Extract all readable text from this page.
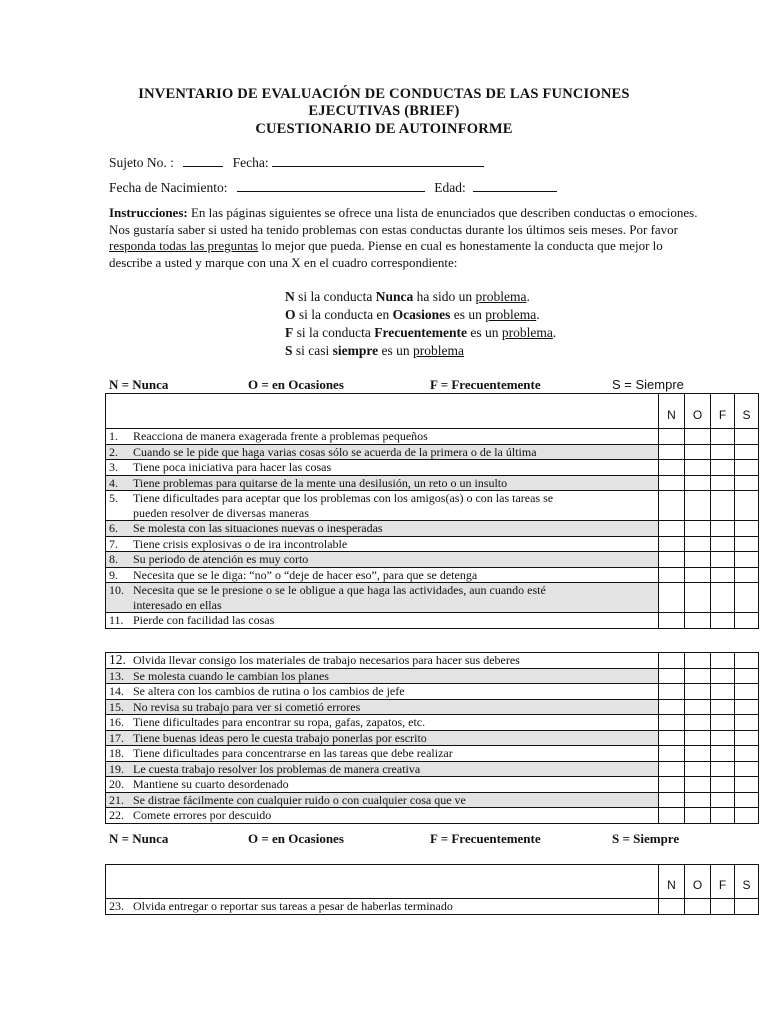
INVENTARIO DE EVALUACIÓN DE CONDUCTAS DE LAS FUNCIONES
EJECUTIVAS (BRIEF)
CUESTIONARIO DE AUTOINFORME
Sujeto No. :	Fecha:
Fecha de Nacimiento:	Edad:
Instrucciones: En las páginas siguientes se ofrece una lista de enunciados que describen conductas o emociones. Nos gustaría saber si usted ha tenido problemas con estas conductas durante los últimos seis meses. Por favor responda todas las preguntas lo mejor que pueda. Piense en cual es honestamente la conducta que mejor lo describe a usted y marque con una X en el cuadro correspondiente:
N si la conducta Nunca ha sido un problema.
O si la conducta en Ocasiones es un problema.
F si la conducta Frecuentemente es un problema.
S si casi siempre es un problema
N = Nunca	O = en Ocasiones	F = Frecuentemente	S = Siempre
	N	O	F	S
1. Reacciona de manera exagerada frente a problemas pequeños				
2. Cuando se le pide que haga varias cosas sólo se acuerda de la primera o de la última				
3. Tiene poca iniciativa para hacer las cosas				
4. Tiene problemas para quitarse de la mente una desilusión, un reto o un insulto				
5. Tiene dificultades para aceptar que los problemas con los amigos(as) o con las tareas se
pueden resolver de diversas maneras				

6. Se molesta con las situaciones nuevas o inesperadas				
7. Tiene crisis explosivas o de ira incontrolable				
8. Su periodo de atención es muy corto				
9. Necesita que se le diga: “no” o “deje de hacer eso”, para que se detenga				
10. Necesita que se le presione o se le obligue a que haga las actividades, aun cuando esté
interesado en ellas				

11. Pierde con facilidad las cosas				
12. Olvida llevar consigo los materiales de trabajo necesarios para hacer sus deberes				
13. Se molesta cuando le cambian los planes				
14. Se altera con los cambios de rutina o los cambios de jefe				
15. No revisa su trabajo para ver si cometió errores				
16. Tiene dificultades para encontrar su ropa, gafas, zapatos, etc.				
17. Tiene buenas ideas pero le cuesta trabajo ponerlas por escrito				
18. Tiene dificultades para concentrarse en las tareas que debe realizar				
19. Le cuesta trabajo resolver los problemas de manera creativa				
20. Mantiene su cuarto desordenado				
21. Se distrae fácilmente con cualquier ruido o con cualquier cosa que ve				
22. Comete errores por descuido				
N = Nunca	O = en Ocasiones	F = Frecuentemente	S = Siempre
	N	O	F	S
23. Olvida entregar o reportar sus tareas a pesar de haberlas terminado				
